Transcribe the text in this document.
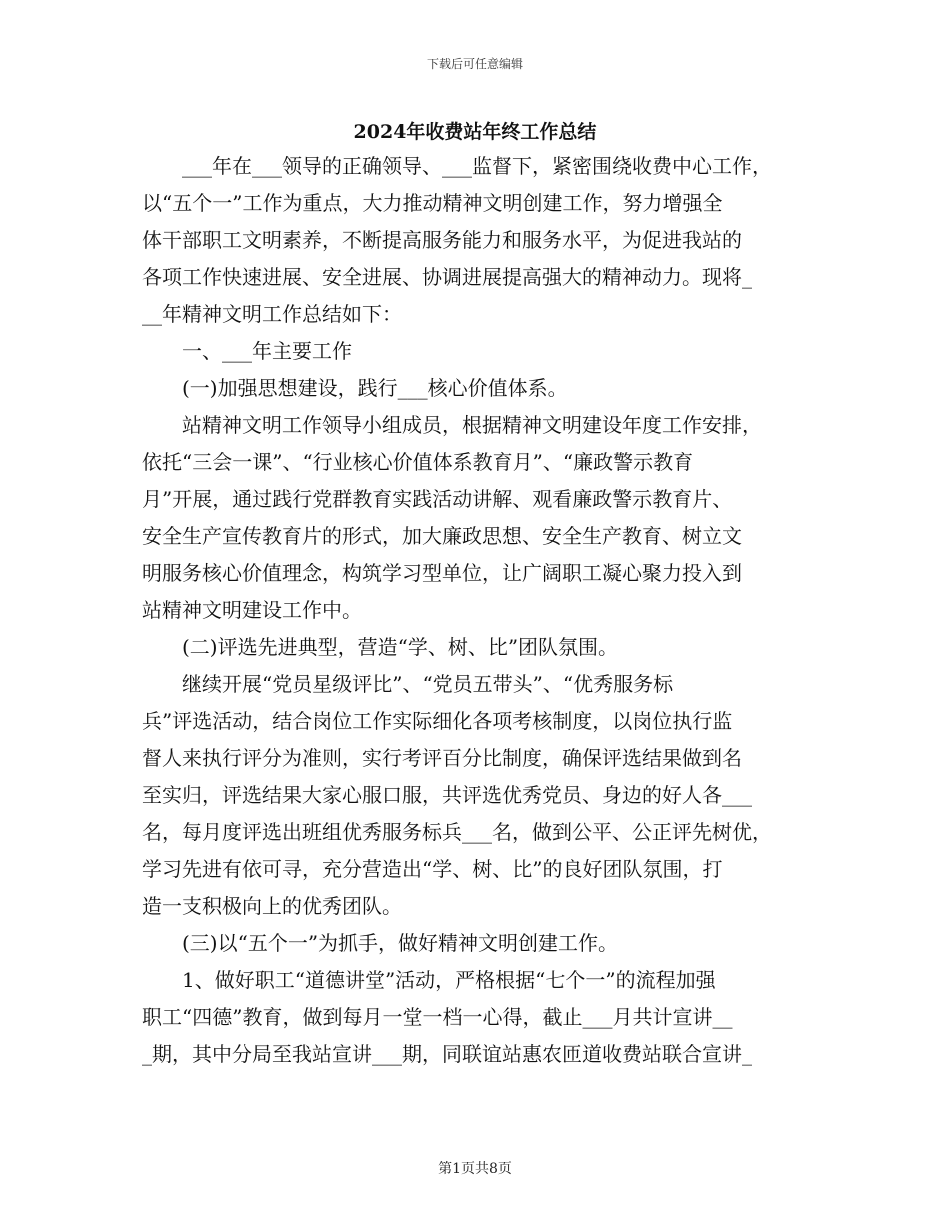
下载后可任意编辑
2024年收费站年终工作总结
　　___年在___领导的正确领导、___监督下，紧密围绕收费中心工作，
以“五个一”工作为重点，大力推动精神文明创建工作，努力增强全
体干部职工文明素养，不断提高服务能力和服务水平，为促进我站的
各项工作快速进展、安全进展、协调进展提高强大的精神动力。现将_
__年精神文明工作总结如下：
　　一、___年主要工作
　　(一)加强思想建设，践行___核心价值体系。
　　站精神文明工作领导小组成员，根据精神文明建设年度工作安排，
依托“三会一课”、“行业核心价值体系教育月”、“廉政警示教育
月”开展，通过践行党群教育实践活动讲解、观看廉政警示教育片、
安全生产宣传教育片的形式，加大廉政思想、安全生产教育、树立文
明服务核心价值理念，构筑学习型单位，让广阔职工凝心聚力投入到
站精神文明建设工作中。
　　(二)评选先进典型，营造“学、树、比”团队氛围。
　　继续开展“党员星级评比”、“党员五带头”、“优秀服务标
兵”评选活动，结合岗位工作实际细化各项考核制度，以岗位执行监
督人来执行评分为准则，实行考评百分比制度，确保评选结果做到名
至实归，评选结果大家心服口服，共评选优秀党员、身边的好人各___
名，每月度评选出班组优秀服务标兵___名，做到公平、公正评先树优，
学习先进有依可寻，充分营造出“学、树、比”的良好团队氛围，打
造一支积极向上的优秀团队。
　　(三)以“五个一”为抓手，做好精神文明创建工作。
　　1、做好职工“道德讲堂”活动，严格根据“七个一”的流程加强
职工“四德”教育，做到每月一堂一档一心得，截止___月共计宣讲__
_期，其中分局至我站宣讲___期，同联谊站惠农匝道收费站联合宣讲_
第1页共8页
